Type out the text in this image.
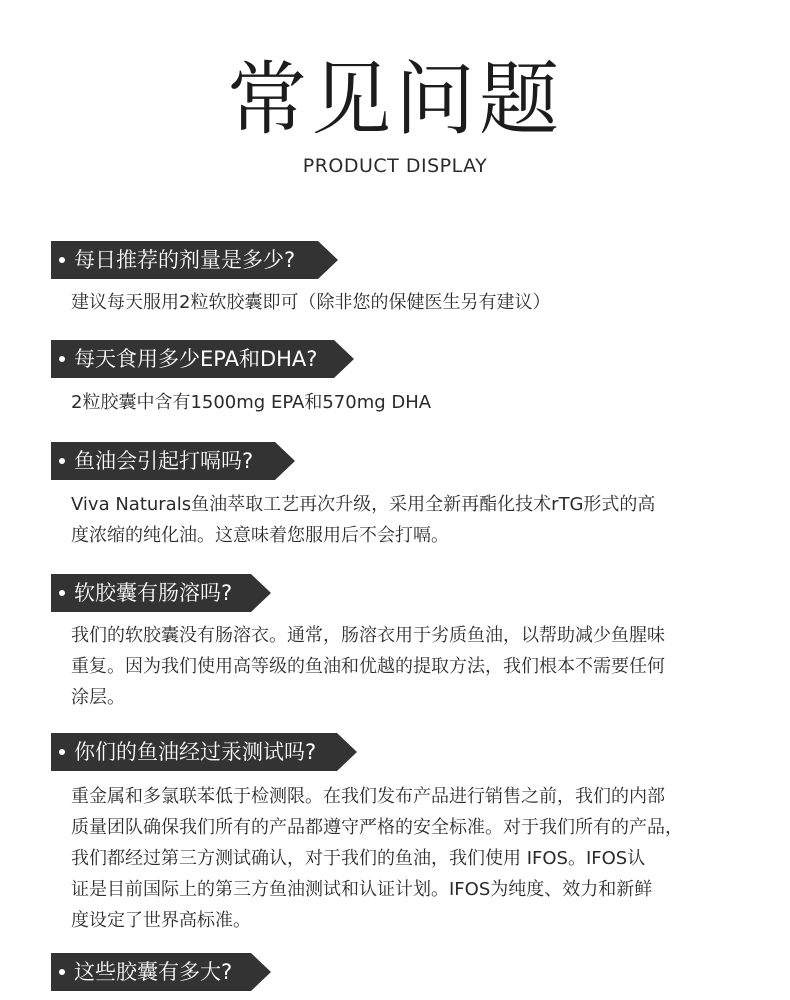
常见问题
PRODUCT DISPLAY
每日推荐的剂量是多少?

建议每天服用2粒软胶囊即可（除非您的保健医生另有建议）

每天食用多少EPA和DHA?

2粒胶囊中含有1500mg EPA和570mg DHA

鱼油会引起打嗝吗?

Viva Naturals鱼油萃取工艺再次升级，采用全新再酯化技术rTG形式的高
度浓缩的纯化油。这意味着您服用后不会打嗝。

软胶囊有肠溶吗?

我们的软胶囊没有肠溶衣。通常，肠溶衣用于劣质鱼油，以帮助减少鱼腥味
重复。因为我们使用高等级的鱼油和优越的提取方法，我们根本不需要任何
涂层。

你们的鱼油经过汞测试吗?

重金属和多氯联苯低于检测限。在我们发布产品进行销售之前，我们的内部
质量团队确保我们所有的产品都遵守严格的安全标准。对于我们所有的产品，
我们都经过第三方测试确认，对于我们的鱼油，我们使用 IFOS。IFOS认
证是目前国际上的第三方鱼油测试和认证计划。IFOS为纯度、效力和新鲜
度设定了世界高标准。

这些胶囊有多大?
